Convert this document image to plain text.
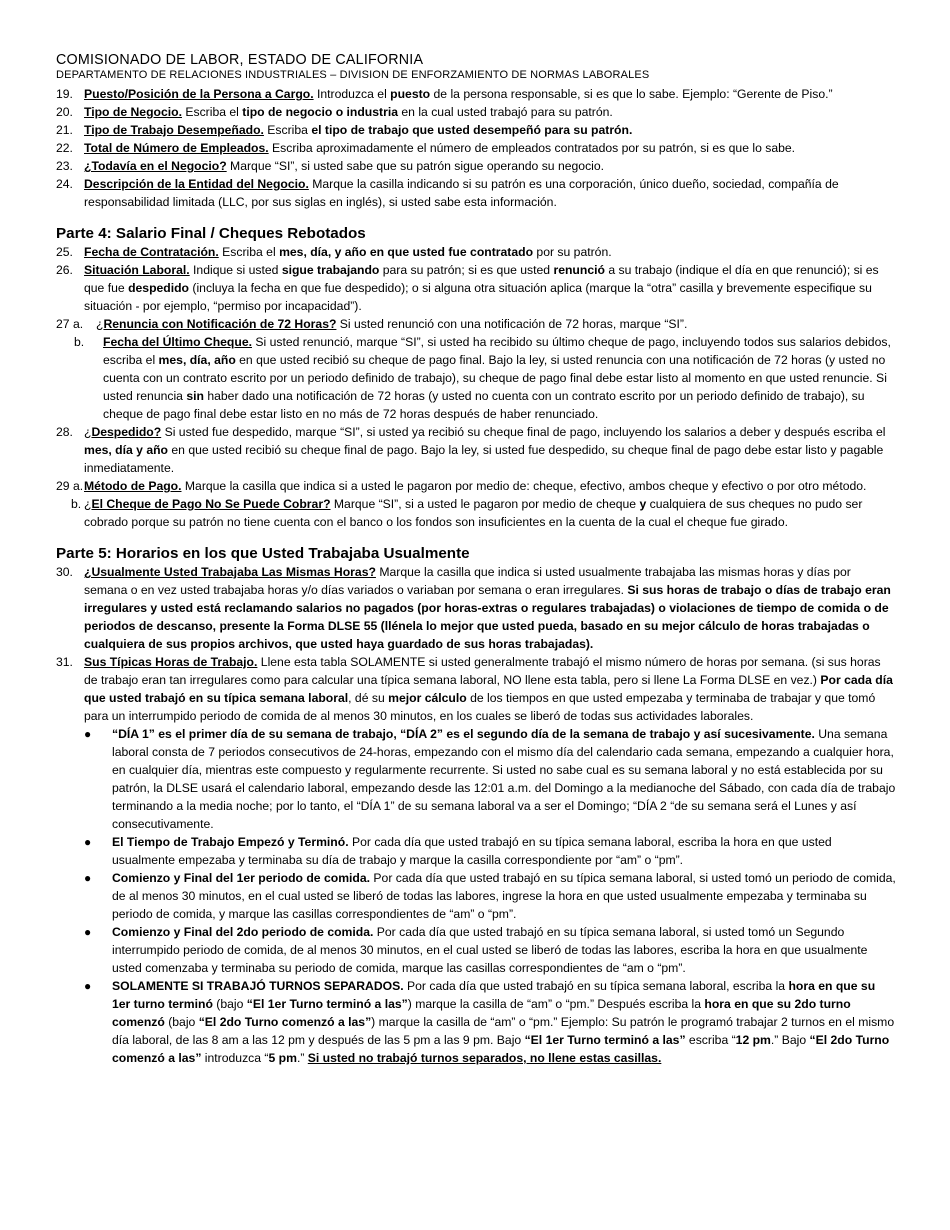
COMISIONADO DE LABOR, ESTADO DE CALIFORNIA
DEPARTAMENTO DE RELACIONES INDUSTRIALES – DIVISION DE ENFORZAMIENTO DE NORMAS LABORALES
19. Puesto/Posición de la Persona a Cargo. Introduzca el puesto de la persona responsable, si es que lo sabe. Ejemplo: “Gerente de Piso.”
20. Tipo de Negocio. Escriba el tipo de negocio o industria en la cual usted trabajó para su patrón.
21. Tipo de Trabajo Desempeñado. Escriba el tipo de trabajo que usted desempeñó para su patrón.
22. Total de Número de Empleados. Escriba aproximadamente el número de empleados contratados por su patrón, si es que lo sabe.
23. ¿Todavía en el Negocio? Marque “SI”, si usted sabe que su patrón sigue operando su negocio.
24. Descripción de la Entidad del Negocio. Marque la casilla indicando si su patrón es una corporación, único dueño, sociedad, compañía de responsabilidad limitada (LLC, por sus siglas en inglés), si usted sabe esta información.
Parte 4: Salario Final / Cheques Rebotados
25. Fecha de Contratación. Escriba el mes, día, y año en que usted fue contratado por su patrón.
26. Situación Laboral. Indique si usted sigue trabajando para su patrón; si es que usted renunció a su trabajo (indique el día en que renunció); si es que fue despedido (incluya la fecha en que fue despedido); o si alguna otra situación aplica (marque la “otra” casilla y brevemente especifique su situación - por ejemplo, “permiso por incapacidad”).
27 a.	¿Renuncia con Notificación de 72 Horas? Si usted renunció con una notificación de 72 horas, marque “SI”.
b.	Fecha del Último Cheque. Si usted renunció, marque “SI”, si usted ha recibido su último cheque de pago, incluyendo todos sus salarios debidos, escriba el mes, día, año en que usted recibió su cheque de pago final. Bajo la ley, si usted renuncia con una notificación de 72 horas (y usted no cuenta con un contrato escrito por un periodo definido de trabajo), su cheque de pago final debe estar listo al momento en que usted renuncie. Si usted renuncia sin haber dado una notificación de 72 horas (y usted no cuenta con un contrato escrito por un periodo definido de trabajo), su cheque de pago final debe estar listo en no más de 72 horas después de haber renunciado.
28. ¿Despedido? Si usted fue despedido, marque “SI”, si usted ya recibió su cheque final de pago, incluyendo los salarios a deber y después escriba el mes, día y año en que usted recibió su cheque final de pago. Bajo la ley, si usted fue despedido, su cheque final de pago debe estar listo y pagable inmediatamente.
29 a. Método de Pago. Marque la casilla que indica si a usted le pagaron por medio de: cheque, efectivo, ambos cheque y efectivo o por otro método.
b. ¿El Cheque de Pago No Se Puede Cobrar? Marque “SI”, si a usted le pagaron por medio de cheque y cualquiera de sus cheques no pudo ser cobrado porque su patrón no tiene cuenta con el banco o los fondos son insuficientes en la cuenta de la cual el cheque fue girado.
Parte 5: Horarios en los que Usted Trabajaba Usualmente
30. ¿Usualmente Usted Trabajaba Las Mismas Horas? Marque la casilla que indica si usted usualmente trabajaba las mismas horas y días por semana o en vez usted trabajaba horas y/o días variados o variaban por semana o eran irregulares. Si sus horas de trabajo o días de trabajo eran irregulares y usted está reclamando salarios no pagados (por horas-extras o regulares trabajadas) o violaciones de tiempo de comida o de periodos de descanso, presente la Forma DLSE 55 (llénela lo mejor que usted pueda, basado en su mejor cálculo de horas trabajadas o cualquiera de sus propios archivos, que usted haya guardado de sus horas trabajadas).
31. Sus Típicas Horas de Trabajo. Llene esta tabla SOLAMENTE si usted generalmente trabajó el mismo número de horas por semana. (si sus horas de trabajo eran tan irregulares como para calcular una típica semana laboral, NO llene esta tabla, pero si llene La Forma DLSE en vez.) Por cada día que usted trabajó en su típica semana laboral, dé su mejor cálculo de los tiempos en que usted empezaba y terminaba de trabajar y que tomó para un interrumpido periodo de comida de al menos 30 minutos, en los cuales se liberó de todas sus actividades laborales.
●	“DÍA 1” es el primer día de su semana de trabajo, “DÍA 2” es el segundo día de la semana de trabajo y así sucesivamente. Una semana laboral consta de 7 periodos consecutivos de 24-horas, empezando con el mismo día del calendario cada semana, empezando a cualquier hora, en cualquier día, mientras este compuesto y regularmente recurrente. Si usted no sabe cual es su semana laboral y no está establecida por su patrón, la DLSE usará el calendario laboral, empezando desde las 12:01 a.m. del Domingo a la medianoche del Sábado, con cada día de trabajo terminando a la media noche; por lo tanto, el “DÍA 1” de su semana laboral va a ser el Domingo; “DÍA 2 “de su semana será el Lunes y así consecutivamente.
●	El Tiempo de Trabajo Empezó y Terminó. Por cada día que usted trabajó en su típica semana laboral, escriba la hora en que usted usualmente empezaba y terminaba su día de trabajo y marque la casilla correspondiente por “am” o “pm”.
●	Comienzo y Final del 1er periodo de comida. Por cada día que usted trabajó en su típica semana laboral, si usted tomó un periodo de comida, de al menos 30 minutos, en el cual usted se liberó de todas las labores, ingrese la hora en que usted usualmente empezaba y terminaba su periodo de comida, y marque las casillas correspondientes de “am” o “pm”.
●	Comienzo y Final del 2do periodo de comida. Por cada día que usted trabajó en su típica semana laboral, si usted tomó un Segundo interrumpido periodo de comida, de al menos 30 minutos, en el cual usted se liberó de todas las labores, escriba la hora en que usualmente usted comenzaba y terminaba su periodo de comida, marque las casillas correspondientes de “am o “pm”.
●	SOLAMENTE SI TRABAJÓ TURNOS SEPARADOS. Por cada día que usted trabajó en su típica semana laboral, escriba la hora en que su 1er turno terminó (bajo “El 1er Turno terminó a las”) marque la casilla de “am” o “pm.” Después escriba la hora en que su 2do turno comenzó (bajo “El 2do Turno comenzó a las”) marque la casilla de “am” o “pm.” Ejemplo: Su patrón le programó trabajar 2 turnos en el mismo día laboral, de las 8 am a las 12 pm y después de las 5 pm a las 9 pm. Bajo “El 1er Turno terminó a las” escriba “12 pm.” Bajo “El 2do Turno comenzó a las” introduzca “5 pm.” Si usted no trabajó turnos separados, no llene estas casillas.
